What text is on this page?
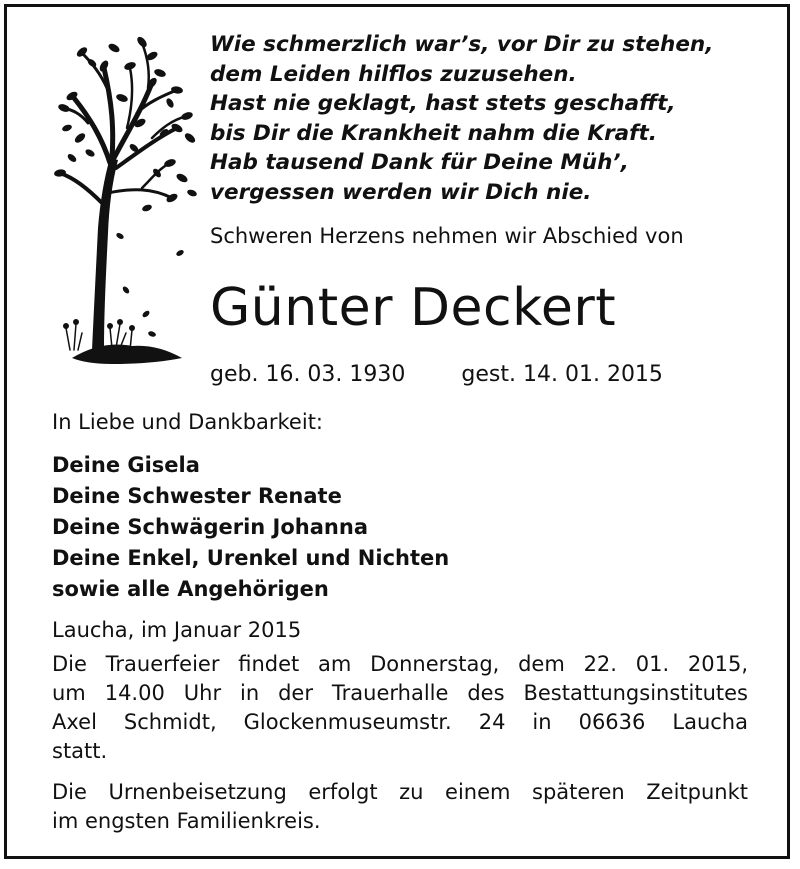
Wie schmerzlich war’s, vor Dir zu stehen,
dem Leiden hilflos zuzusehen.
Hast nie geklagt, hast stets geschafft,
bis Dir die Krankheit nahm die Kraft.
Hab tausend Dank für Deine Müh’,
vergessen werden wir Dich nie.
Schweren Herzens nehmen wir Abschied von
Günter Deckert
geb. 16. 03. 1930	gest. 14. 01. 2015
In Liebe und Dankbarkeit:
Deine Gisela
Deine Schwester Renate
Deine Schwägerin Johanna
Deine Enkel, Urenkel und Nichten
sowie alle Angehörigen
Laucha, im Januar 2015
Die Trauerfeier findet am Donnerstag, dem 22. 01. 2015,
um 14.00 Uhr in der Trauerhalle des Bestattungsinstitutes
Axel Schmidt, Glockenmuseumstr. 24 in 06636 Laucha
statt.
Die Urnenbeisetzung erfolgt zu einem späteren Zeitpunkt
im engsten Familienkreis.
